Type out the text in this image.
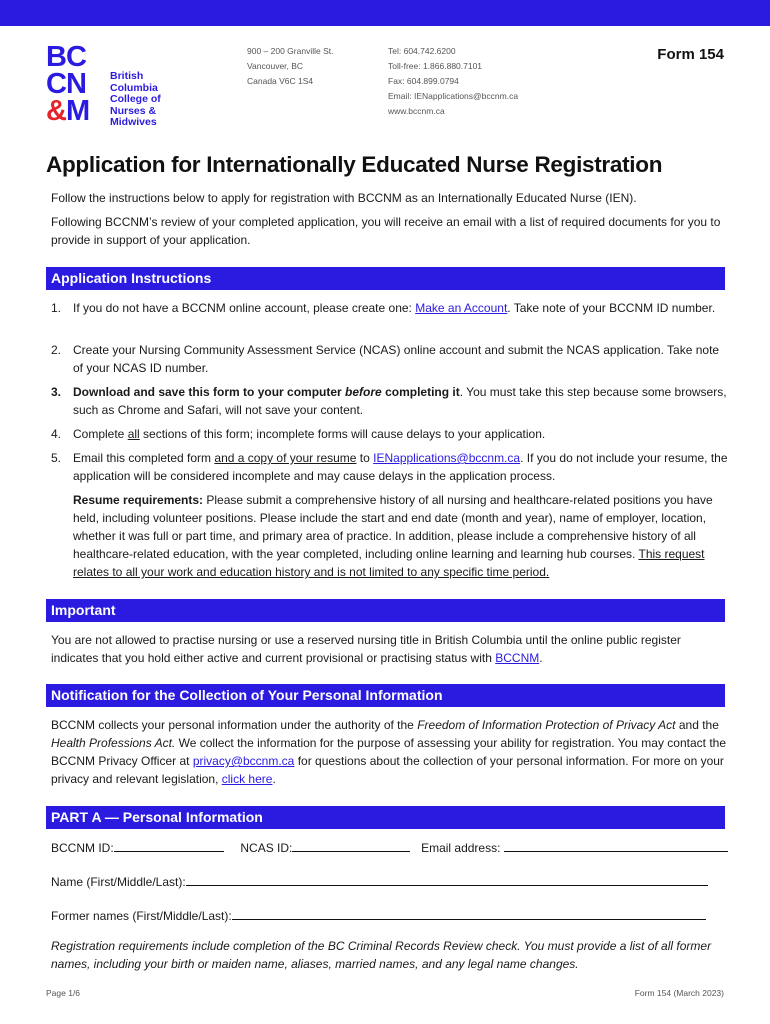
BC
CN
&M
British
Columbia
College of
Nurses &
Midwives
900 – 200 Granville St.
Vancouver, BC
Canada V6C 1S4
Tel: 604.742.6200
Toll-free: 1.866.880.7101
Fax: 604.899.0794
Email: IENapplications@bccnm.ca
www.bccnm.ca
Form 154
Application for Internationally Educated Nurse Registration
Follow the instructions below to apply for registration with BCCNM as an Internationally Educated Nurse (IEN).
Following BCCNM’s review of your completed application, you will receive an email with a list of required documents for you to provide in support of your application.
Application Instructions
1. If you do not have a BCCNM online account, please create one: Make an Account. Take note of your BCCNM ID number.
2. Create your Nursing Community Assessment Service (NCAS) online account and submit the NCAS application. Take note of your NCAS ID number.
3. Download and save this form to your computer before completing it. You must take this step because some browsers, such as Chrome and Safari, will not save your content.
4. Complete all sections of this form; incomplete forms will cause delays to your application.
5. Email this completed form and a copy of your resume to IENapplications@bccnm.ca. If you do not include your resume, the application will be considered incomplete and may cause delays in the application process.
Resume requirements: Please submit a comprehensive history of all nursing and healthcare-related positions you have held, including volunteer positions. Please include the start and end date (month and year), name of employer, location, whether it was full or part time, and primary area of practice. In addition, please include a comprehensive history of all healthcare-related education, with the year completed, including online learning and learning hub courses. This request relates to all your work and education history and is not limited to any specific time period.
Important
You are not allowed to practise nursing or use a reserved nursing title in British Columbia until the online public register indicates that you hold either active and current provisional or practising status with BCCNM.
Notification for the Collection of Your Personal Information
BCCNM collects your personal information under the authority of the Freedom of Information Protection of Privacy Act and the Health Professions Act. We collect the information for the purpose of assessing your ability for registration. You may contact the BCCNM Privacy Officer at privacy@bccnm.ca for questions about the collection of your personal information. For more on your privacy and relevant legislation, click here.
PART A — Personal Information
BCCNM ID:	NCAS ID:	Email address:
Name (First/Middle/Last):
Former names (First/Middle/Last):
Registration requirements include completion of the BC Criminal Records Review check. You must provide a list of all former names, including your birth or maiden name, aliases, married names, and any legal name changes.
Page 1/6	Form 154 (March 2023)
